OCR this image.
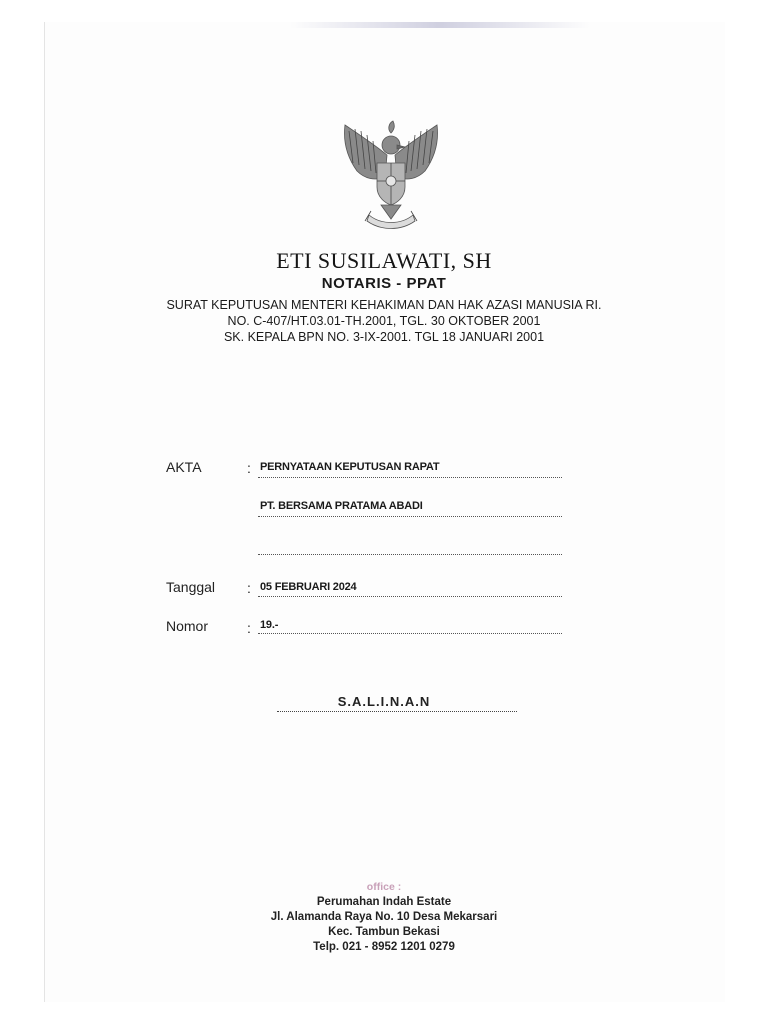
ETI SUSILAWATI, SH
NOTARIS - PPAT
SURAT KEPUTUSAN MENTERI KEHAKIMAN DAN HAK AZASI MANUSIA RI.
NO. C-407/HT.03.01-TH.2001, TGL. 30 OKTOBER 2001
SK. KEPALA BPN NO. 3-IX-2001. TGL 18 JANUARI 2001
AKTA	: PERNYATAAN KEPUTUSAN RAPAT
PT. BERSAMA PRATAMA ABADI
Tanggal : 05 FEBRUARI 2024
Nomor	: 19.-
S.A.L.I.N.A.N
office :
Perumahan Indah Estate
Jl. Alamanda Raya No. 10 Desa Mekarsari
Kec. Tambun Bekasi
Telp. 021 - 8952 1201 0279
